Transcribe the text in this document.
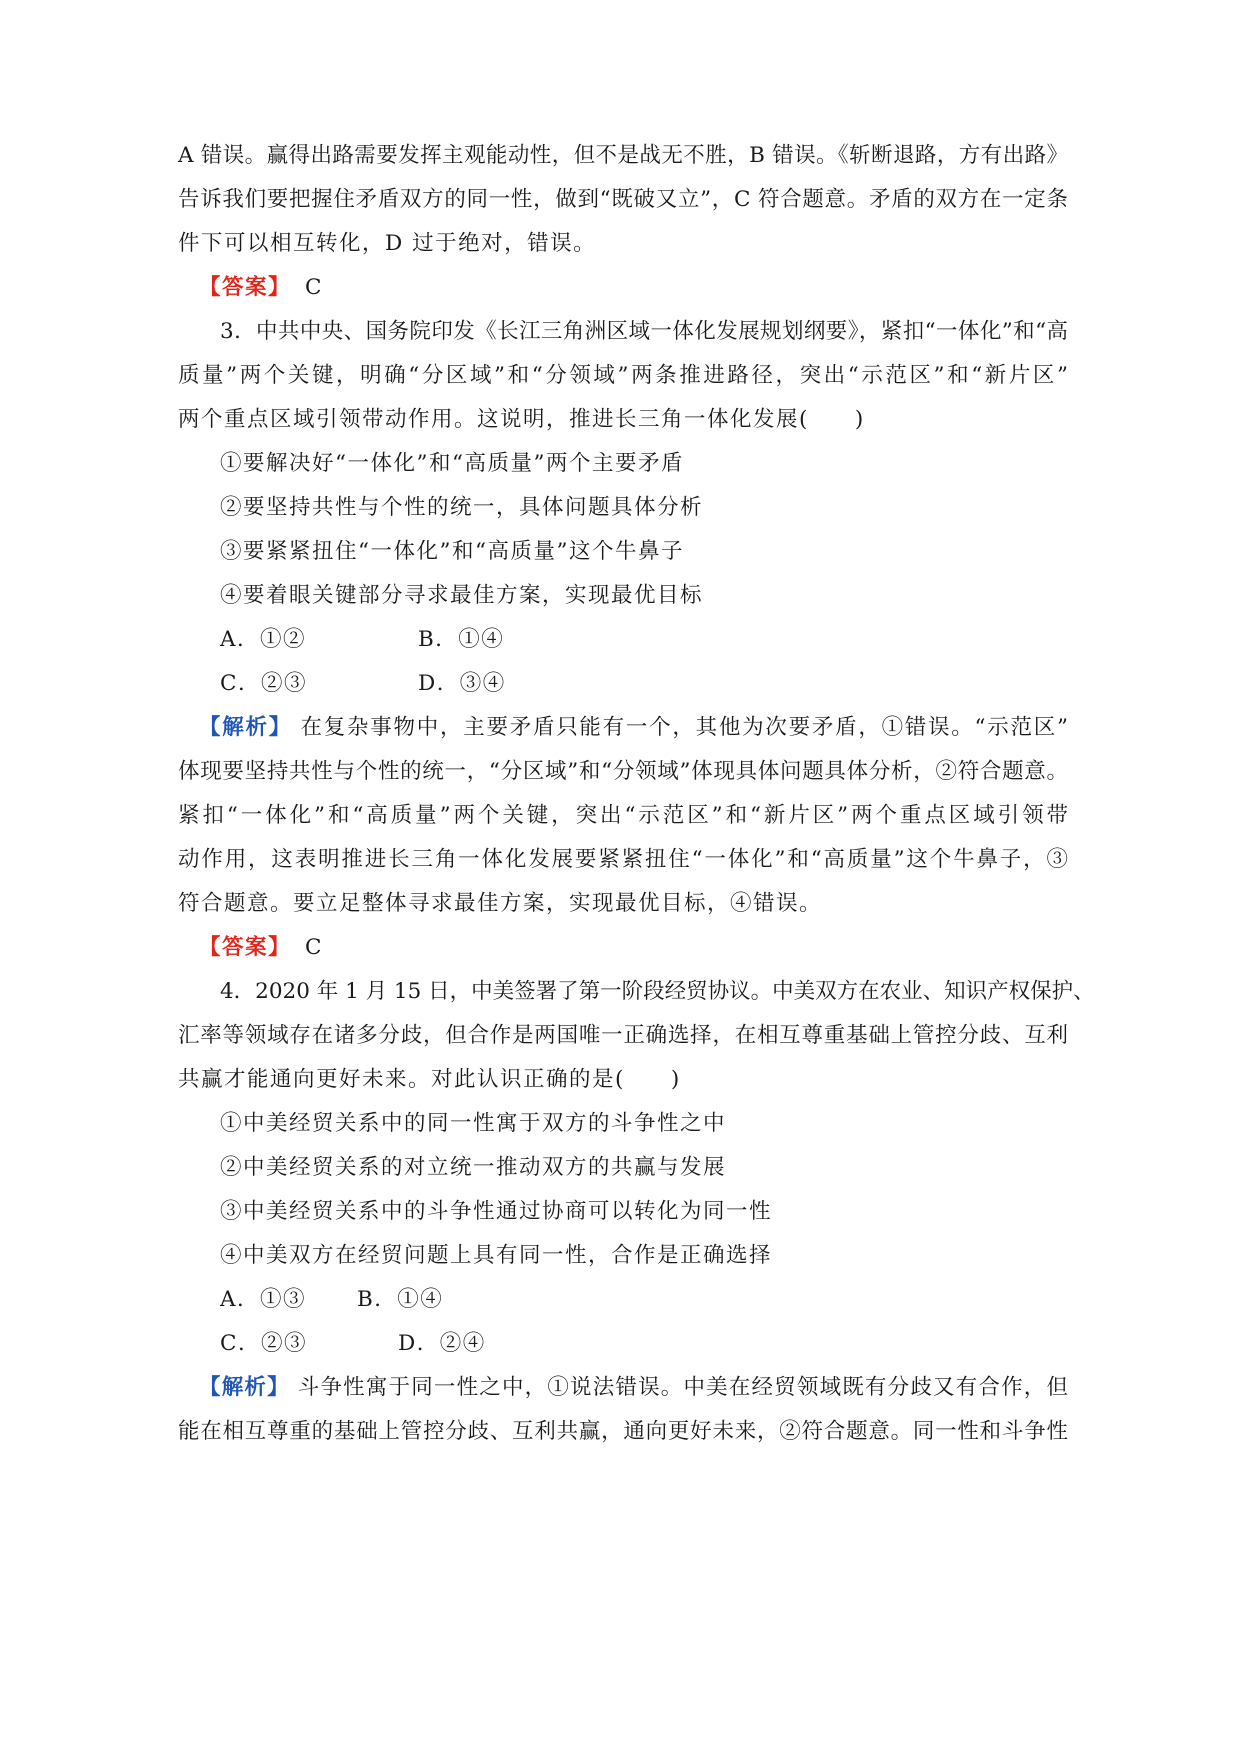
A 错误。赢得出路需要发挥主观能动性，但不是战无不胜，B 错误。《斩断退路，方有出路》
告诉我们要把握住矛盾双方的同一性，做到“既破又立”，C 符合题意。矛盾的双方在一定条
件下可以相互转化，D 过于绝对，错误。
【答案】 C
3．中共中央、国务院印发《长江三角洲区域一体化发展规划纲要》，紧扣“一体化”和“高
质量”两个关键，明确“分区域”和“分领域”两条推进路径，突出“示范区”和“新片区”
两个重点区域引领带动作用。这说明，推进长三角一体化发展(　　)
①要解决好“一体化”和“高质量”两个主要矛盾
②要坚持共性与个性的统一，具体问题具体分析
③要紧紧扭住“一体化”和“高质量”这个牛鼻子
④要着眼关键部分寻求最佳方案，实现最优目标
A．①②	B．①④
C．②③	D．③④
【解析】 在复杂事物中，主要矛盾只能有一个，其他为次要矛盾，①错误。“示范区”
体现要坚持共性与个性的统一，“分区域”和“分领域”体现具体问题具体分析，②符合题意。
紧扣“一体化”和“高质量”两个关键，突出“示范区”和“新片区”两个重点区域引领带
动作用，这表明推进长三角一体化发展要紧紧扭住“一体化”和“高质量”这个牛鼻子，③
符合题意。要立足整体寻求最佳方案，实现最优目标，④错误。
【答案】 C
4．2020 年 1 月 15 日，中美签署了第一阶段经贸协议。中美双方在农业、知识产权保护、
汇率等领域存在诸多分歧，但合作是两国唯一正确选择，在相互尊重基础上管控分歧、互利
共赢才能通向更好未来。对此认识正确的是(　　)
①中美经贸关系中的同一性寓于双方的斗争性之中
②中美经贸关系的对立统一推动双方的共赢与发展
③中美经贸关系中的斗争性通过协商可以转化为同一性
④中美双方在经贸问题上具有同一性，合作是正确选择
A．①③ B．①④
C．②③	D．②④
【解析】 斗争性寓于同一性之中，①说法错误。中美在经贸领域既有分歧又有合作，但
能在相互尊重的基础上管控分歧、互利共赢，通向更好未来，②符合题意。同一性和斗争性
